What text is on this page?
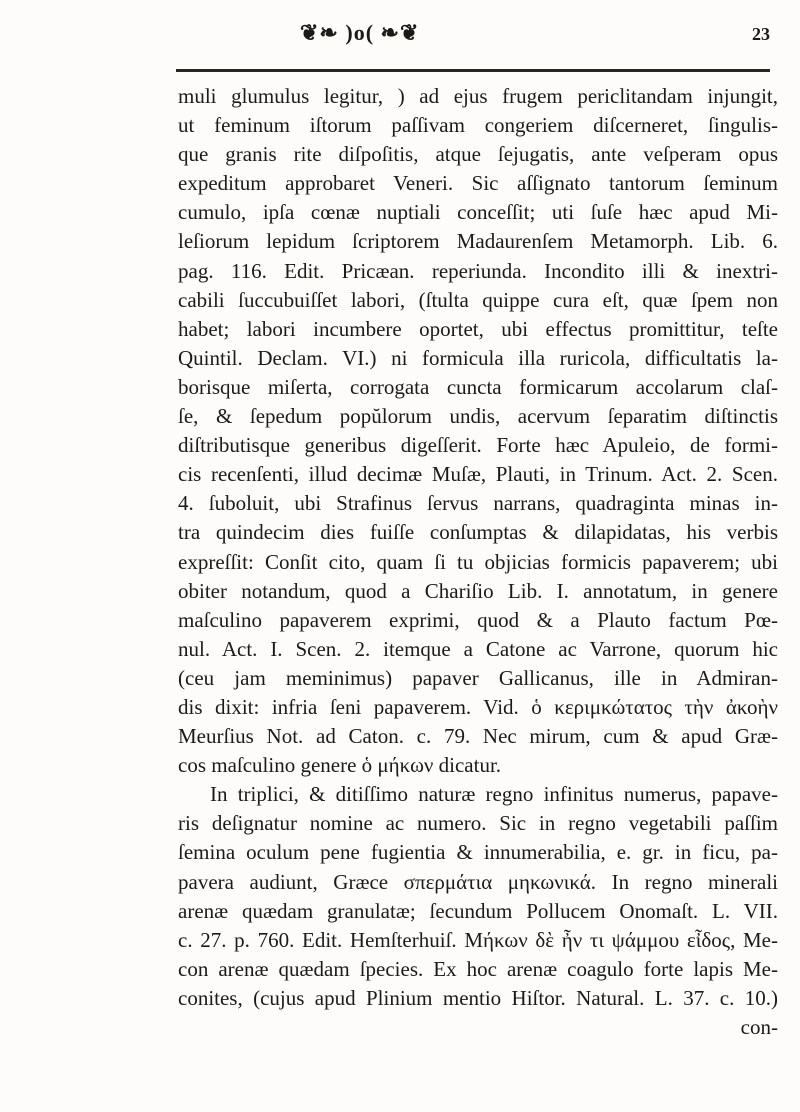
❦❧ )o( ❧❦	23
muli glumulus legitur, ) ad ejus frugem periclitandam injungit,
ut feminum iſtorum paſſivam congeriem diſcerneret, ſingulis-
que granis rite diſpoſitis, atque ſejugatis, ante veſperam opus
expeditum approbaret Veneri. Sic aſſignato tantorum ſeminum
cumulo, ipſa cœnæ nuptiali conceſſit; uti ſuſe hæc apud Mi-
leſiorum lepidum ſcriptorem Madaurenſem Metamorph. Lib. 6.
pag. 116. Edit. Pricæan. reperiunda. Incondito illi & inextri-
cabili ſuccubuiſſet labori, (ſtulta quippe cura eſt, quæ ſpem non
habet; labori incumbere oportet, ubi effectus promittitur, teſte
Quintil. Declam. VI.) ni formicula illa ruricola, difficultatis la-
borisque miſerta, corrogata cuncta formicarum accolarum claſ-
ſe, & ſepedum popŭlorum undis, acervum ſeparatim diſtinctis
diſtributisque generibus digeſſerit. Forte hæc Apuleio, de formi-
cis recenſenti, illud decimæ Muſæ, Plauti, in Trinum. Act. 2. Scen.
4. ſuboluit, ubi Strafinus ſervus narrans, quadraginta minas in-
tra quindecim dies fuiſſe conſumptas & dilapidatas, his verbis
expreſſit: Conſit cito, quam ſi tu objicias formicis papaverem; ubi
obiter notandum, quod a Chariſio Lib. I. annotatum, in genere
maſculino papaverem exprimi, quod & a Plauto factum Pœ-
nul. Act. I. Scen. 2. itemque a Catone ac Varrone, quorum hic
(ceu jam meminimus) papaver Gallicanus, ille in Admiran-
dis dixit: infria ſeni papaverem. Vid. ὁ κεριμκώτατος τὴν ἀκοὴν
Meurſius Not. ad Caton. c. 79. Nec mirum, cum & apud Græ-
cos maſculino genere ὁ μήκων dicatur.
In triplici, & ditiſſimo naturæ regno infinitus numerus, papave-
ris deſignatur nomine ac numero. Sic in regno vegetabili paſſim
ſemina oculum pene fugientia & innumerabilia, e. gr. in ficu, pa-
paverа audiunt, Græce σπερμάτια μηκωνικά. In regno minerali
arenæ quædam granulatæ; ſecundum Pollucem Onomaſt. L. VII.
c. 27. p. 760. Edit. Hemſterhuiſ. Μήκων δὲ ἦν τι ψάμμου εἶδος, Me-
con arenæ quædam ſpecies. Ex hoc arenæ coagulo forte lapis Me-
conites, (cujus apud Plinium mentio Hiſtor. Natural. L. 37. c. 10.)
con-
